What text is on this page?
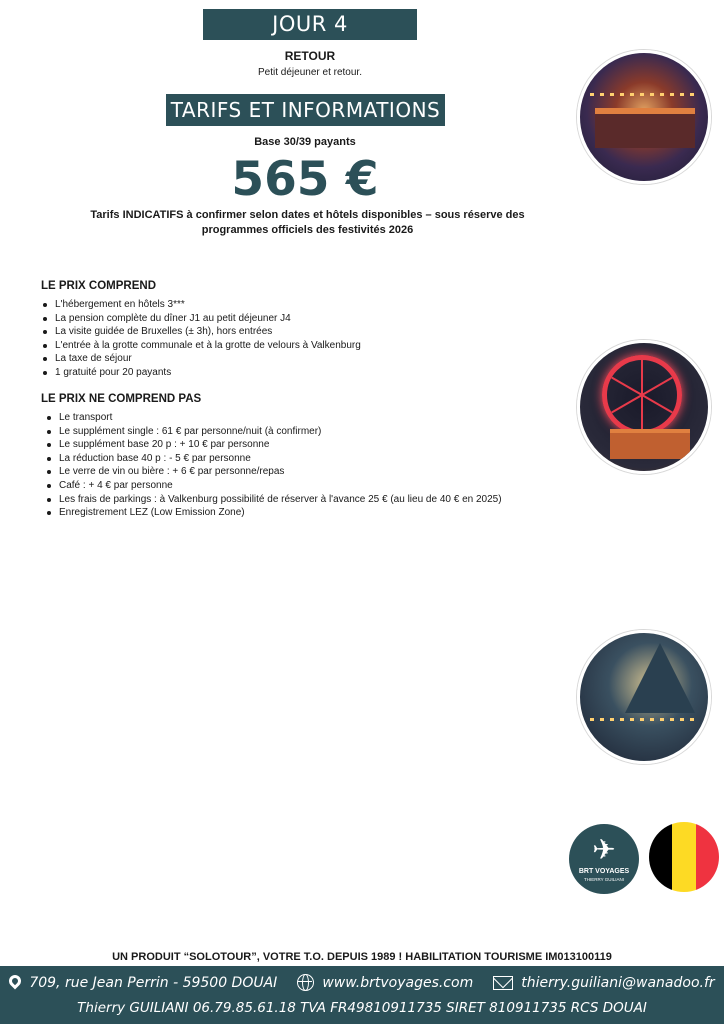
JOUR 4
RETOUR
Petit déjeuner et retour.
TARIFS ET INFORMATIONS
Base 30/39 payants
565 €
Tarifs INDICATIFS à confirmer selon dates et hôtels disponibles – sous réserve des
programmes officiels des festivités 2026
LE PRIX COMPREND
L'hébergement en hôtels 3***
La pension complète du dîner J1 au petit déjeuner J4
La visite guidée de Bruxelles (± 3h), hors entrées
L'entrée à la grotte communale et à la grotte de velours à Valkenburg
La taxe de séjour
1 gratuité pour 20 payants
LE PRIX NE COMPREND PAS
Le transport
Le supplément single : 61 € par personne/nuit (à confirmer)
Le supplément base 20 p : + 10 € par personne
La réduction base 40 p : - 5 € par personne
Le verre de vin ou bière : + 6 € par personne/repas
Café : + 4 € par personne
Les frais de parkings : à Valkenburg possibilité de réserver à l'avance 25 € (au lieu de 40 € en 2025)
Enregistrement LEZ (Low Emission Zone)
✈
BRT VOYAGES
THIERRY GUILIANI
UN PRODUIT “SOLOTOUR”, VOTRE T.O. DEPUIS 1989 ! HABILITATION TOURISME IM013100119
709, rue Jean Perrin - 59500 DOUAI	www.brtvoyages.com	thierry.guiliani@wanadoo.fr
Thierry GUILIANI 06.79.85.61.18 TVA FR49810911735 SIRET 810911735 RCS DOUAI
